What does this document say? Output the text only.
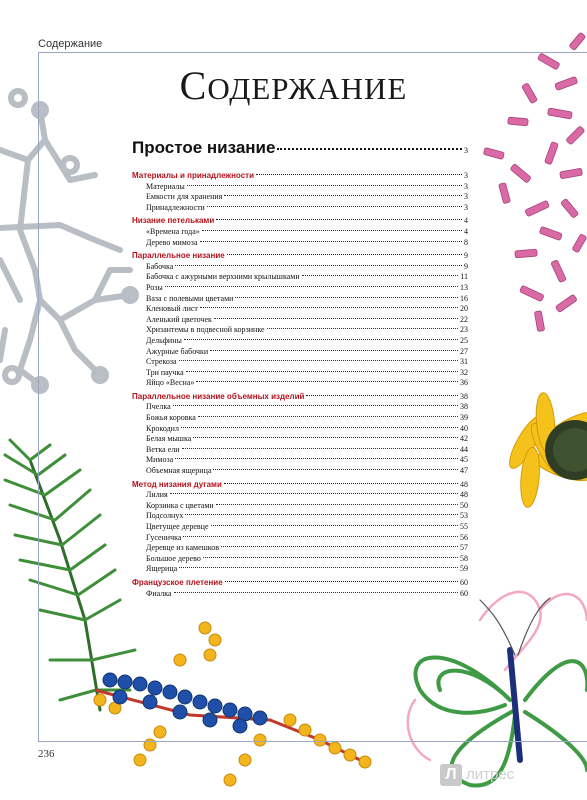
Содержание
СОДЕРЖАНИЕ
Простое низание	3
Материалы и принадлежности	3
Материалы	3
Емкости для хранения	3
Принадлежности	3
Низание петельками	4
«Времена года»	4
Дерево мимоза	8
Параллельное низание	9
Бабочка	9
Бабочка с ажурными верхними крылышками	11
Розы	13
Ваза с полевыми цветами	16
Кленовый лист	20
Аленький цветочек	22
Хризантемы в подвесной корзинке	23
Дельфины	25
Ажурные бабочки	27
Стрекоза	31
Три паучка	32
Яйцо «Весна»	36
Параллельное низание объемных изделий	38
Пчелка	38
Божья коровка	39
Крокодил	40
Белая мышка	42
Ветка ели	44
Мимоза	45
Объемная ящерица	47
Метод низания дугами	48
Лилия	48
Корзинка с цветами	50
Подсолнух	53
Цветущее деревце	55
Гусеничка	56
Деревце из камешков	57
Большое дерево	58
Ящерица	59
Французское плетение	60
Фиалка	60
236
Л литрес
